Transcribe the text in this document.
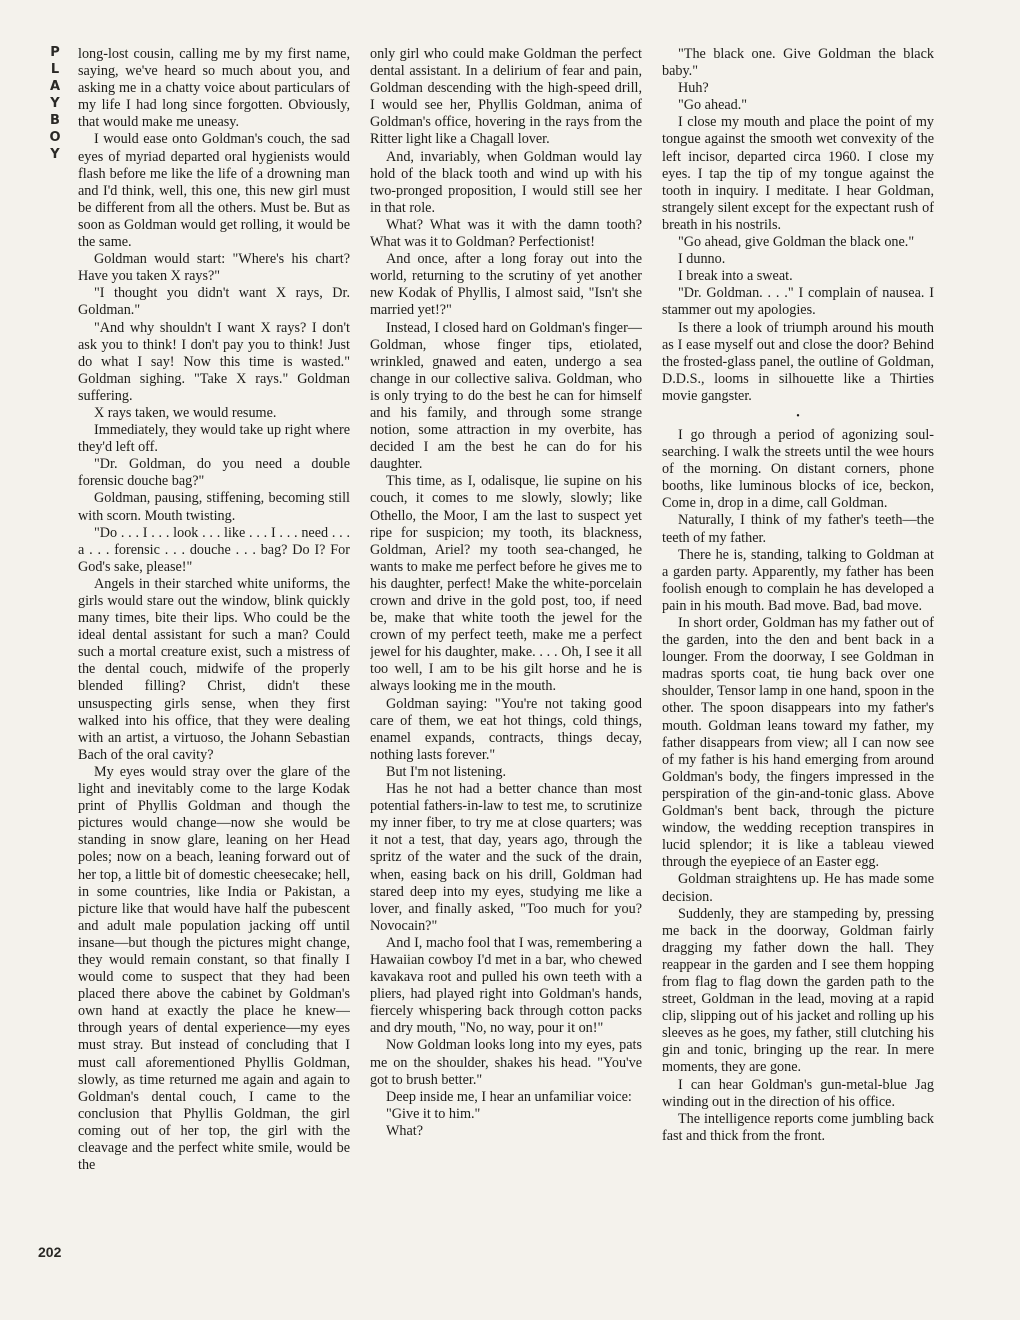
P
L
A
Y
B
O
Y

long-lost cousin, calling me by my first name, saying, we've heard so much about you, and asking me in a chatty voice about particulars of my life I had long since forgotten. Obviously, that would make me uneasy.

I would ease onto Goldman's couch, the sad eyes of myriad departed oral hygienists would flash before me like the life of a drowning man and I'd think, well, this one, this new girl must be different from all the others. Must be. But as soon as Goldman would get rolling, it would be the same.

Goldman would start: "Where's his chart? Have you taken X rays?"

"I thought you didn't want X rays, Dr. Goldman."

"And why shouldn't I want X rays? I don't ask you to think! I don't pay you to think! Just do what I say! Now this time is wasted." Goldman sighing. "Take X rays." Goldman suffering.

X rays taken, we would resume.

Immediately, they would take up right where they'd left off.

"Dr. Goldman, do you need a double forensic douche bag?"

Goldman, pausing, stiffening, becoming still with scorn. Mouth twisting.

"Do . . . I . . . look . . . like . . . I . . . need . . . a . . . forensic . . . douche . . . bag? Do I? For God's sake, please!"

Angels in their starched white uniforms, the girls would stare out the window, blink quickly many times, bite their lips. Who could be the ideal dental assistant for such a man? Could such a mortal creature exist, such a mistress of the dental couch, midwife of the properly blended filling? Christ, didn't these unsuspecting girls sense, when they first walked into his office, that they were dealing with an artist, a virtuoso, the Johann Sebastian Bach of the oral cavity?

My eyes would stray over the glare of the light and inevitably come to the large Kodak print of Phyllis Goldman and though the pictures would change—now she would be standing in snow glare, leaning on her Head poles; now on a beach, leaning forward out of her top, a little bit of domestic cheesecake; hell, in some countries, like India or Pakistan, a picture like that would have half the pubescent and adult male population jacking off until insane—but though the pictures might change, they would remain constant, so that finally I would come to suspect that they had been placed there above the cabinet by Goldman's own hand at exactly the place he knew—through years of dental experience—my eyes must stray. But instead of concluding that I must call aforementioned Phyllis Goldman, slowly, as time returned me again and again to Goldman's dental couch, I came to the conclusion that Phyllis Goldman, the girl coming out of her top, the girl with the cleavage and the perfect white smile, would be the

only girl who could make Goldman the perfect dental assistant. In a delirium of fear and pain, Goldman descending with the high-speed drill, I would see her, Phyllis Goldman, anima of Goldman's office, hovering in the rays from the Ritter light like a Chagall lover.

And, invariably, when Goldman would lay hold of the black tooth and wind up with his two-pronged proposition, I would still see her in that role.

What? What was it with the damn tooth? What was it to Goldman? Perfectionist!

And once, after a long foray out into the world, returning to the scrutiny of yet another new Kodak of Phyllis, I almost said, "Isn't she married yet!?"

Instead, I closed hard on Goldman's finger—Goldman, whose finger tips, etiolated, wrinkled, gnawed and eaten, undergo a sea change in our collective saliva. Goldman, who is only trying to do the best he can for himself and his family, and through some strange notion, some attraction in my overbite, has decided I am the best he can do for his daughter.

This time, as I, odalisque, lie supine on his couch, it comes to me slowly, slowly; like Othello, the Moor, I am the last to suspect yet ripe for suspicion; my tooth, its blackness, Goldman, Ariel? my tooth sea-changed, he wants to make me perfect before he gives me to his daughter, perfect! Make the white-porcelain crown and drive in the gold post, too, if need be, make that white tooth the jewel for the crown of my perfect teeth, make me a perfect jewel for his daughter, make. . . . Oh, I see it all too well, I am to be his gilt horse and he is always looking me in the mouth.

Goldman saying: "You're not taking good care of them, we eat hot things, cold things, enamel expands, contracts, things decay, nothing lasts forever."

But I'm not listening.

Has he not had a better chance than most potential fathers-in-law to test me, to scrutinize my inner fiber, to try me at close quarters; was it not a test, that day, years ago, through the spritz of the water and the suck of the drain, when, easing back on his drill, Goldman had stared deep into my eyes, studying me like a lover, and finally asked, "Too much for you? Novocain?"

And I, macho fool that I was, remembering a Hawaiian cowboy I'd met in a bar, who chewed kavakava root and pulled his own teeth with a pliers, had played right into Goldman's hands, fiercely whispering back through cotton packs and dry mouth, "No, no way, pour it on!"

Now Goldman looks long into my eyes, pats me on the shoulder, shakes his head. "You've got to brush better."

Deep inside me, I hear an unfamiliar voice:

"Give it to him."

What?

"The black one. Give Goldman the black baby."

Huh?

"Go ahead."

I close my mouth and place the point of my tongue against the smooth wet convexity of the left incisor, departed circa 1960. I close my eyes. I tap the tip of my tongue against the tooth in inquiry. I meditate. I hear Goldman, strangely silent except for the expectant rush of breath in his nostrils.

"Go ahead, give Goldman the black one."

I dunno.

I break into a sweat.

"Dr. Goldman. . . ." I complain of nausea. I stammer out my apologies.

Is there a look of triumph around his mouth as I ease myself out and close the door? Behind the frosted-glass panel, the outline of Goldman, D.D.S., looms in silhouette like a Thirties movie gangster.

•

I go through a period of agonizing soul-searching. I walk the streets until the wee hours of the morning. On distant corners, phone booths, like luminous blocks of ice, beckon, Come in, drop in a dime, call Goldman.

Naturally, I think of my father's teeth—the teeth of my father.

There he is, standing, talking to Goldman at a garden party. Apparently, my father has been foolish enough to complain he has developed a pain in his mouth. Bad move. Bad, bad move.

In short order, Goldman has my father out of the garden, into the den and bent back in a lounger. From the doorway, I see Goldman in madras sports coat, tie hung back over one shoulder, Tensor lamp in one hand, spoon in the other. The spoon disappears into my father's mouth. Goldman leans toward my father, my father disappears from view; all I can now see of my father is his hand emerging from around Goldman's body, the fingers impressed in the perspiration of the gin-and-tonic glass. Above Goldman's bent back, through the picture window, the wedding reception transpires in lucid splendor; it is like a tableau viewed through the eyepiece of an Easter egg.

Goldman straightens up. He has made some decision.

Suddenly, they are stampeding by, pressing me back in the doorway, Goldman fairly dragging my father down the hall. They reappear in the garden and I see them hopping from flag to flag down the garden path to the street, Goldman in the lead, moving at a rapid clip, slipping out of his jacket and rolling up his sleeves as he goes, my father, still clutching his gin and tonic, bringing up the rear. In mere moments, they are gone.

I can hear Goldman's gun-metal-blue Jag winding out in the direction of his office.

The intelligence reports come jumbling back fast and thick from the front.

202
